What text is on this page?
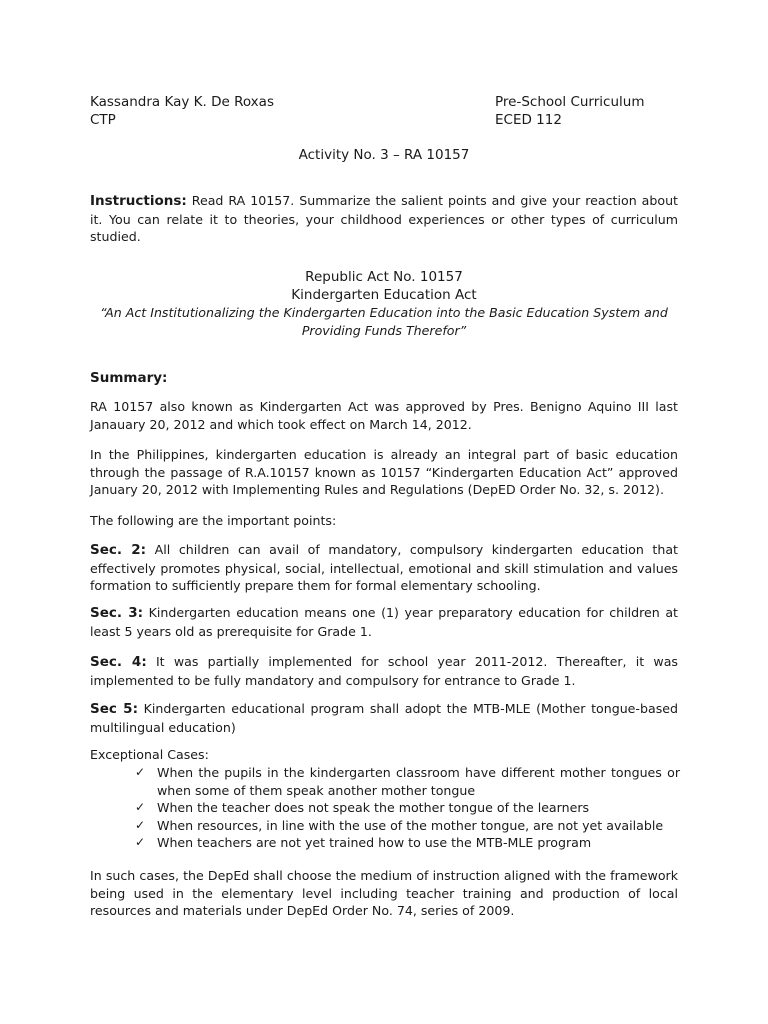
Kassandra Kay K. De Roxas
CTP
Pre-School Curriculum
ECED 112
Activity No. 3 – RA 10157
Instructions: Read RA 10157. Summarize the salient points and give your reaction about it. You can relate it to theories, your childhood experiences or other types of curriculum studied.
Republic Act No. 10157
Kindergarten Education Act
“An Act Institutionalizing the Kindergarten Education into the Basic Education System and
Providing Funds Therefor”
Summary:
RA 10157 also known as Kindergarten Act was approved by Pres. Benigno Aquino III last Janauary 20, 2012 and which took effect on March 14, 2012.
In the Philippines, kindergarten education is already an integral part of basic education through the passage of R.A.10157 known as 10157 “Kindergarten Education Act” approved January 20, 2012 with Implementing Rules and Regulations (DepED Order No. 32, s. 2012).
The following are the important points:
Sec. 2: All children can avail of mandatory, compulsory kindergarten education that effectively promotes physical, social, intellectual, emotional and skill stimulation and values formation to sufficiently prepare them for formal elementary schooling.
Sec. 3: Kindergarten education means one (1) year preparatory education for children at least 5 years old as prerequisite for Grade 1.
Sec. 4: It was partially implemented for school year 2011-2012. Thereafter, it was implemented to be fully mandatory and compulsory for entrance to Grade 1.
Sec 5: Kindergarten educational program shall adopt the MTB-MLE (Mother tongue-based multilingual education)
Exceptional Cases:
✓ When the pupils in the kindergarten classroom have different mother tongues or when some of them speak another mother tongue
✓ When the teacher does not speak the mother tongue of the learners
✓ When resources, in line with the use of the mother tongue, are not yet available
✓ When teachers are not yet trained how to use the MTB-MLE program
In such cases, the DepEd shall choose the medium of instruction aligned with the framework being used in the elementary level including teacher training and production of local resources and materials under DepEd Order No. 74, series of 2009.
